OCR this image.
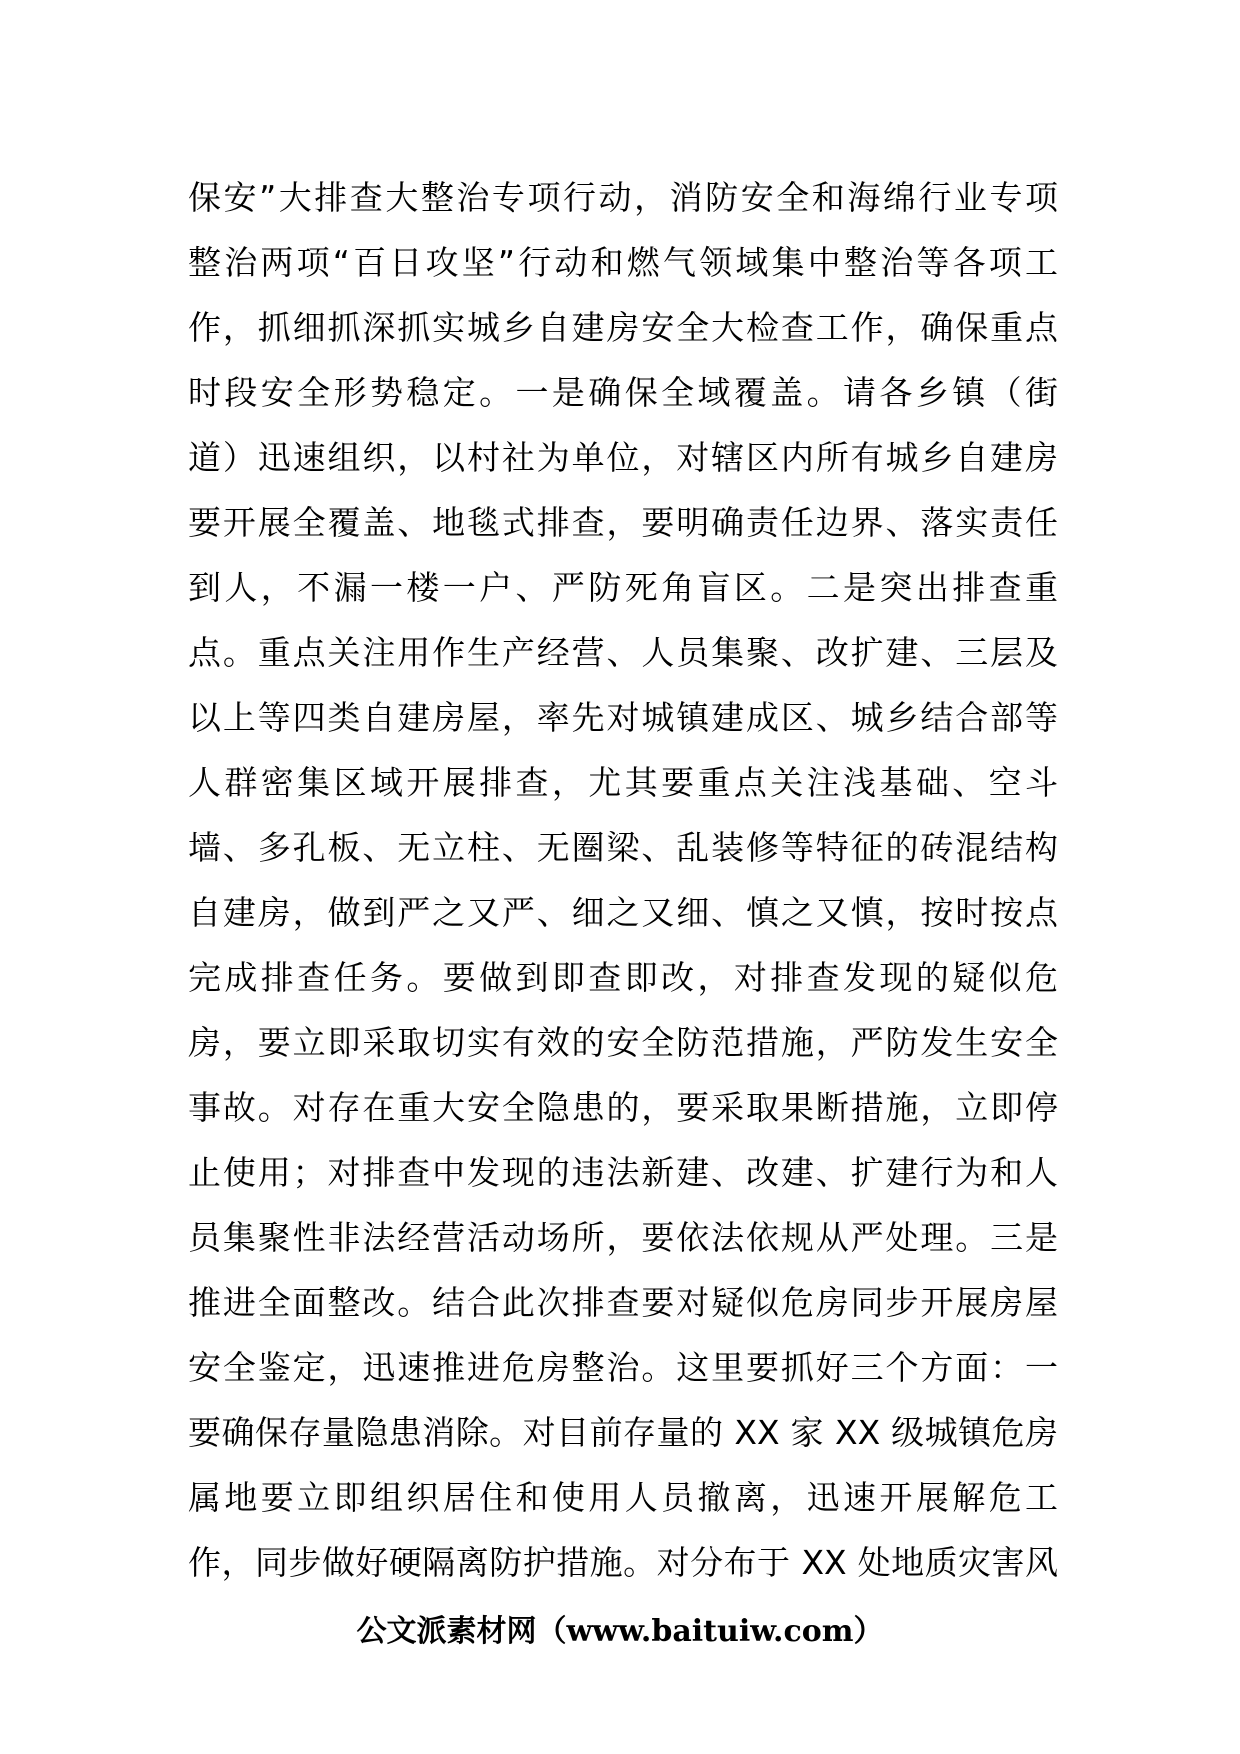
保安”大排查大整治专项行动，消防安全和海绵行业专项
整治两项“百日攻坚”行动和燃气领域集中整治等各项工
作，抓细抓深抓实城乡自建房安全大检查工作，确保重点
时段安全形势稳定。一是确保全域覆盖。请各乡镇（街
道）迅速组织，以村社为单位，对辖区内所有城乡自建房
要开展全覆盖、地毯式排查，要明确责任边界、落实责任
到人，不漏一楼一户、严防死角盲区。二是突出排查重
点。重点关注用作生产经营、人员集聚、改扩建、三层及
以上等四类自建房屋，率先对城镇建成区、城乡结合部等
人群密集区域开展排查，尤其要重点关注浅基础、空斗
墙、多孔板、无立柱、无圈梁、乱装修等特征的砖混结构
自建房，做到严之又严、细之又细、慎之又慎，按时按点
完成排查任务。要做到即查即改，对排查发现的疑似危
房，要立即采取切实有效的安全防范措施，严防发生安全
事故。对存在重大安全隐患的，要采取果断措施，立即停
止使用；对排查中发现的违法新建、改建、扩建行为和人
员集聚性非法经营活动场所，要依法依规从严处理。三是
推进全面整改。结合此次排查要对疑似危房同步开展房屋
安全鉴定，迅速推进危房整治。这里要抓好三个方面：一
要确保存量隐患消除。对目前存量的 XX 家 XX 级城镇危房
属地要立即组织居住和使用人员撤离，迅速开展解危工
作，同步做好硬隔离防护措施。对分布于 XX 处地质灾害风
公文派素材网（www.baituiw.com）
